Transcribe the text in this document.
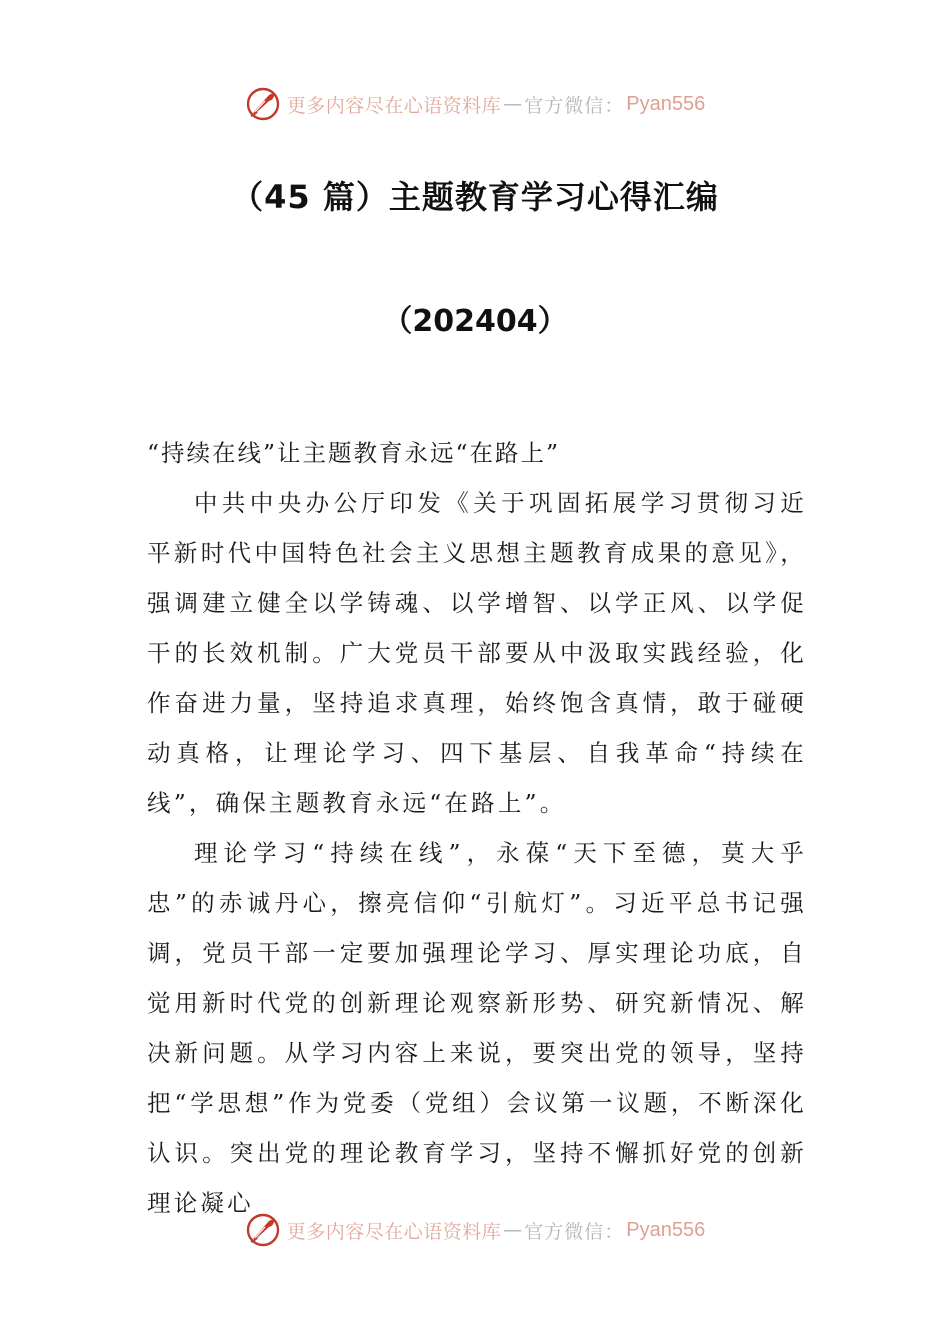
更多内容尽在心语资料库 — 官方微信： Pyan556
（45 篇）主题教育学习心得汇编
（202404）

“持续在线”让主题教育永远“在路上”

中共中央办公厅印发《关于巩固拓展学习贯彻习近平新时代中国特色社会主义思想主题教育成果的意见》，强调建立健全以学铸魂、以学增智、以学正风、以学促干的长效机制。广大党员干部要从中汲取实践经验，化作奋进力量，坚持追求真理，始终饱含真情，敢于碰硬动真格，让理论学习、四下基层、自我革命“持续在线”，确保主题教育永远“在路上”。

理论学习“持续在线”，永葆“天下至德，莫大乎忠”的赤诚丹心，擦亮信仰“引航灯”。习近平总书记强调，党员干部一定要加强理论学习、厚实理论功底，自觉用新时代党的创新理论观察新形势、研究新情况、解决新问题。从学习内容上来说，要突出党的领导，坚持把“学思想”作为党委（党组）会议第一议题，不断深化认识。突出党的理论教育学习，坚持不懈抓好党的创新理论凝心

更多内容尽在心语资料库 — 官方微信： Pyan556
